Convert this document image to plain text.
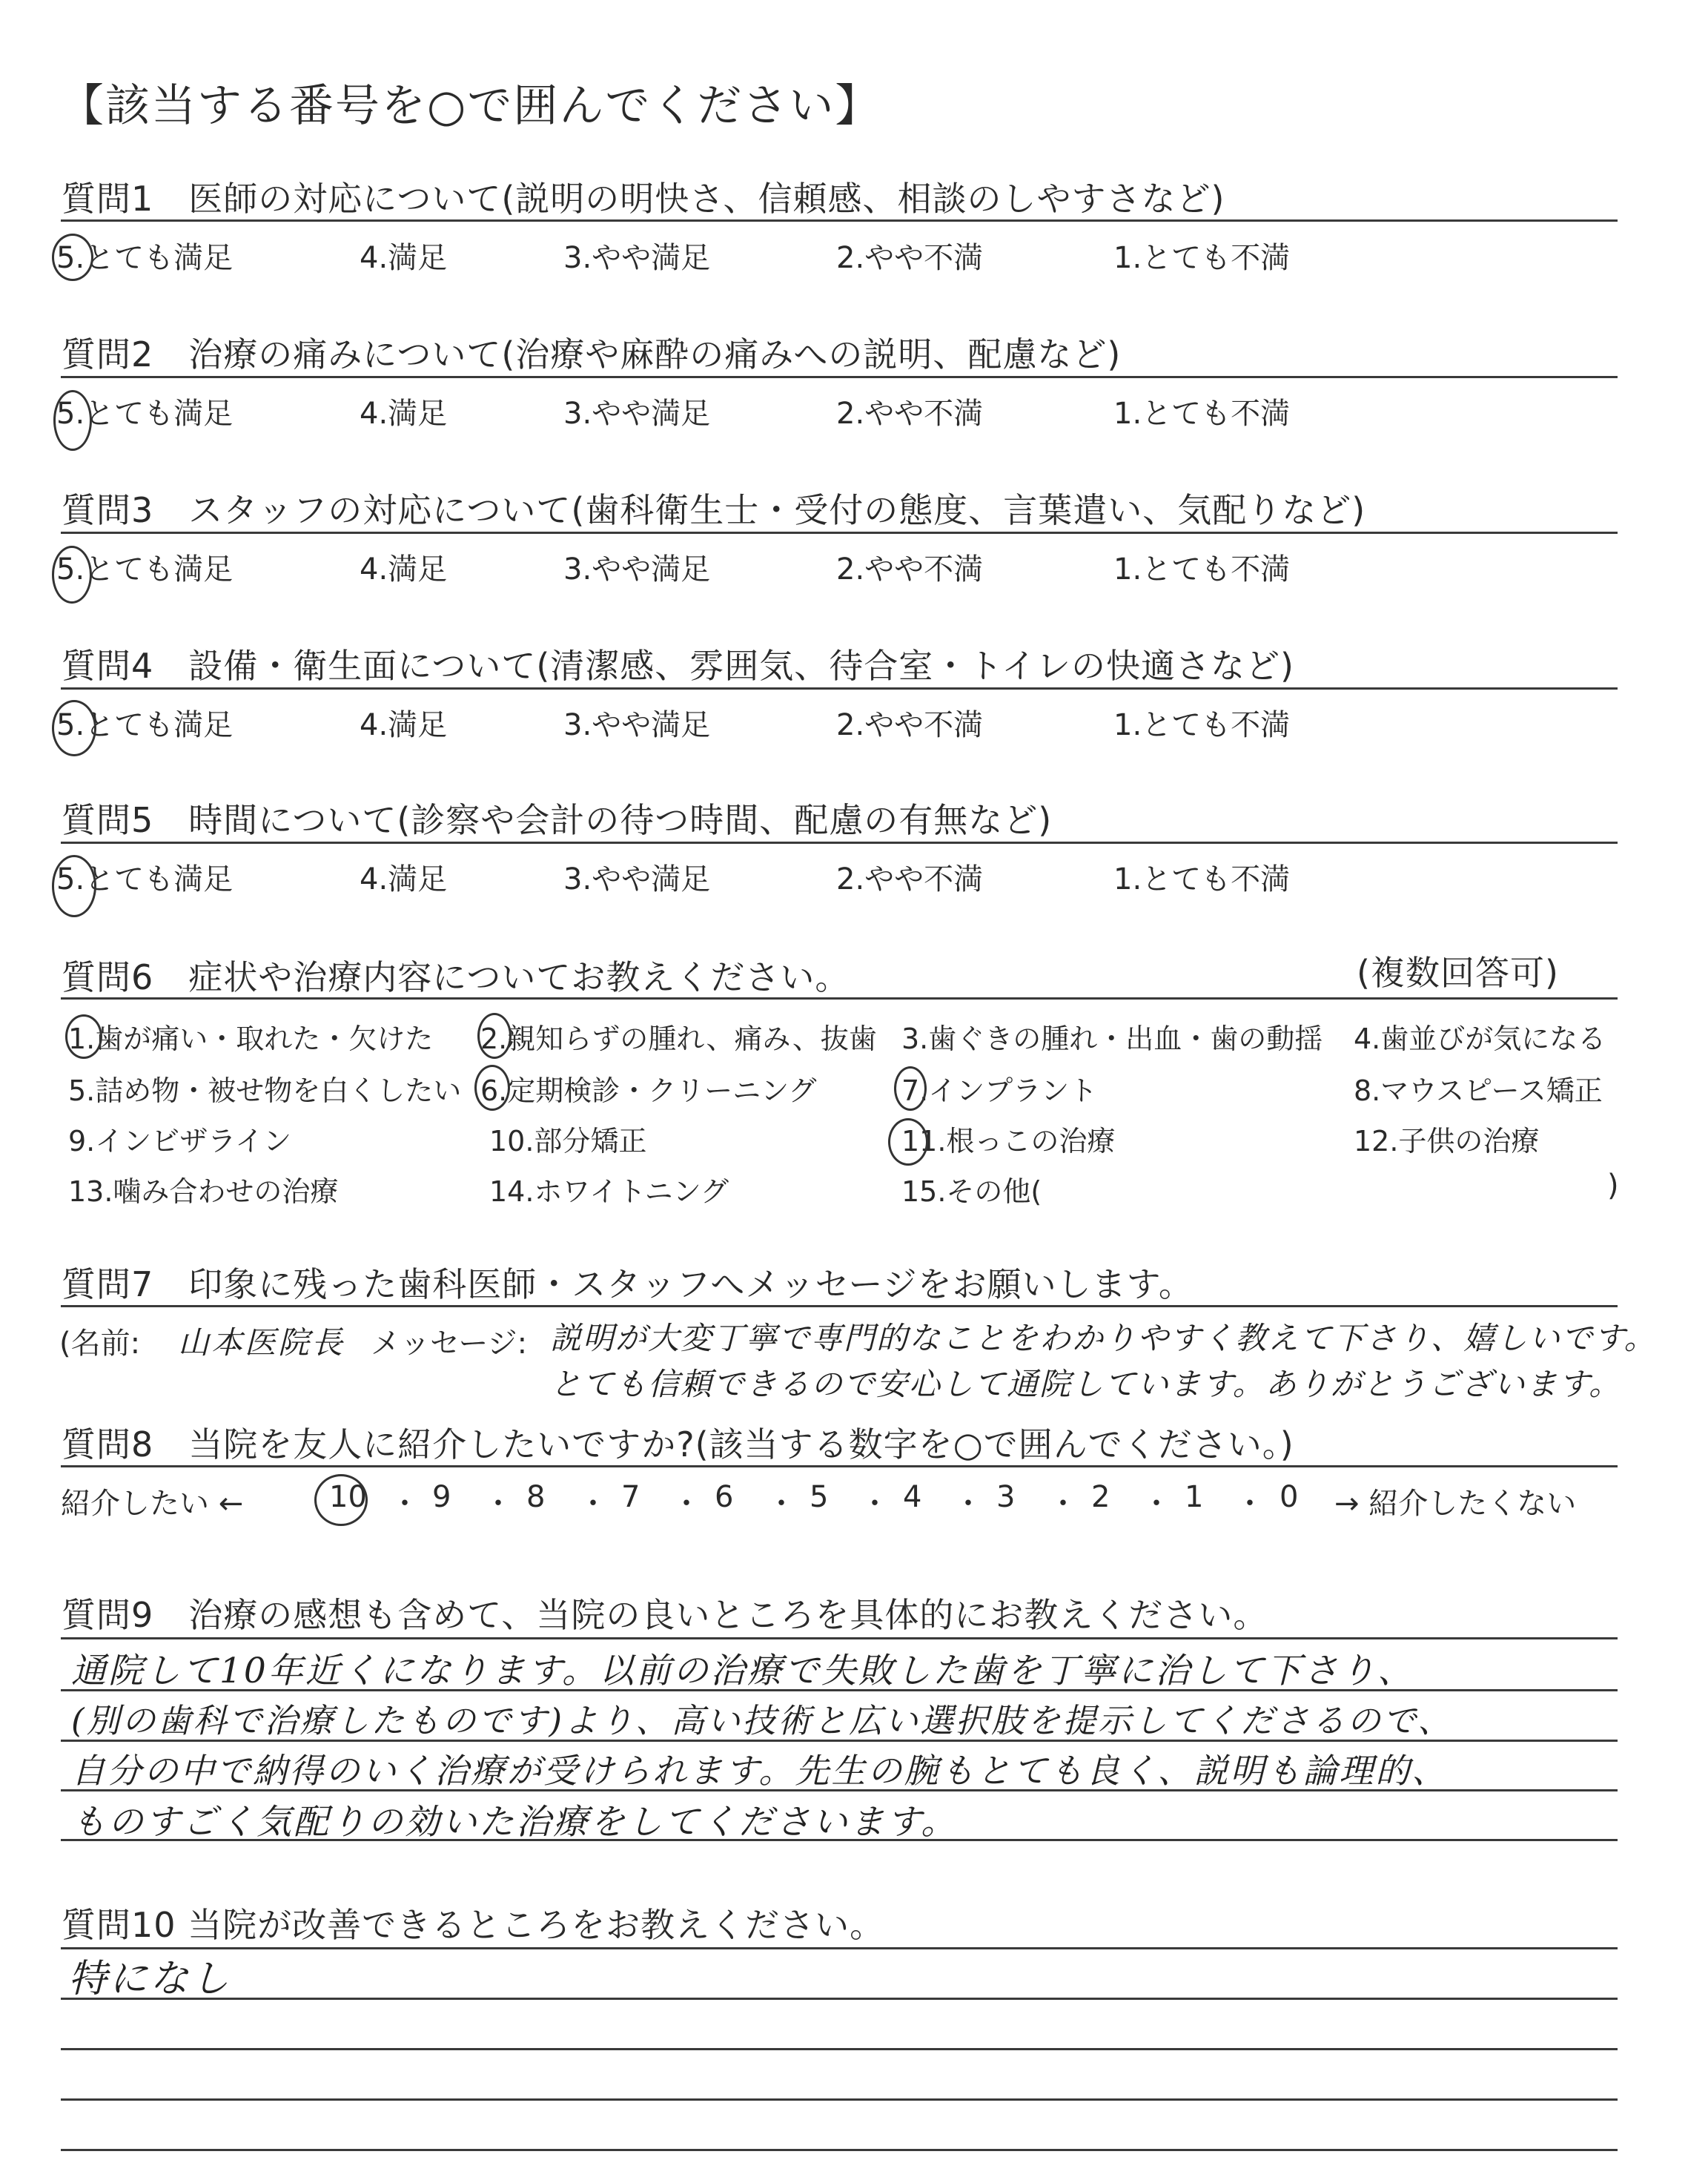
【該当する番号を○で囲んでください】
質問1　医師の対応について(説明の明快さ、信頼感、相談のしやすさなど)
5.とても満足	4.満足	3.やや満足	2.やや不満	1.とても不満
質問2　治療の痛みについて(治療や麻酔の痛みへの説明、配慮など)
5.とても満足	4.満足	3.やや満足	2.やや不満	1.とても不満
質問3　スタッフの対応について(歯科衛生士・受付の態度、言葉遣い、気配りなど)
5.とても満足	4.満足	3.やや満足	2.やや不満	1.とても不満
質問4　設備・衛生面について(清潔感、雰囲気、待合室・トイレの快適さなど)
5.とても満足	4.満足	3.やや満足	2.やや不満	1.とても不満
質問5　時間について(診察や会計の待つ時間、配慮の有無など)
5.とても満足	4.満足	3.やや満足	2.やや不満	1.とても不満
質問6　症状や治療内容についてお教えください。	(複数回答可)
1.歯が痛い・取れた・欠けた 2.親知らずの腫れ、痛み、抜歯 3.歯ぐきの腫れ・出血・歯の動揺 4.歯並びが気になる
5.詰め物・被せ物を白くしたい 6.定期検診・クリーニング	7.インプラント	8.マウスピース矯正
9.インビザライン	10.部分矯正	11.根っこの治療	12.子供の治療
13.噛み合わせの治療	14.ホワイトニング	15.その他(	)
質問7　印象に残った歯科医師・スタッフへメッセージをお願いします。
(名前: 山本医院長 メッセージ: 説明が大変丁寧で専門的なことをわかりやすく教えて下さり、嬉しいです。
とても信頼できるので安心して通院しています。ありがとうございます。
質問8　当院を友人に紹介したいですか?(該当する数字を○で囲んでください。)
紹介したい ←	10 ・ 9 ・ 8 ・ 7 ・ 6 ・ 5 ・ 4 ・ 3 ・ 2 ・ 1 ・ 0 → 紹介したくない
質問9　治療の感想も含めて、当院の良いところを具体的にお教えください。
通院して10年近くになります。以前の治療で失敗した歯を丁寧に治して下さり、
(別の歯科で治療したものです)より、高い技術と広い選択肢を提示してくださるので、
自分の中で納得のいく治療が受けられます。先生の腕もとても良く、説明も論理的、
ものすごく気配りの効いた治療をしてくださいます。
質問10 当院が改善できるところをお教えください。
特になし
